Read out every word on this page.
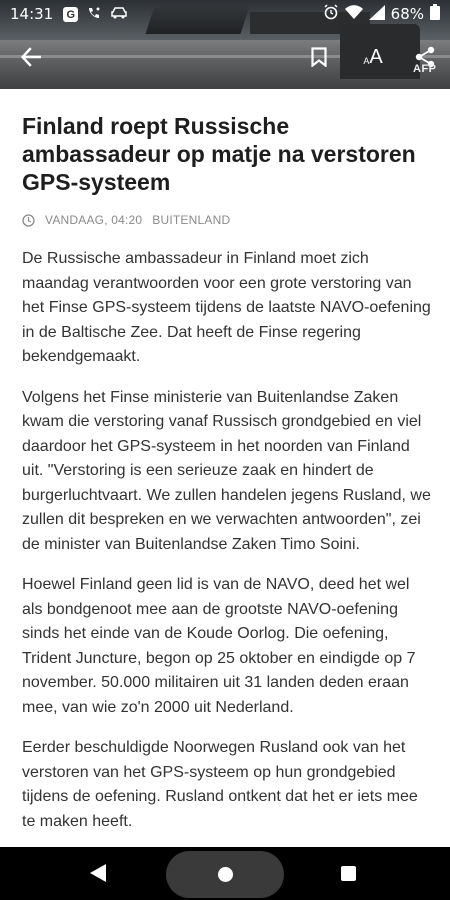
14:31 G	68%
A A
AFP
Finland roept Russische ambassadeur op matje na verstoren GPS-systeem
VANDAAG, 04:20 BUITENLAND

De Russische ambassadeur in Finland moet zich maandag verantwoorden voor een grote verstoring van het Finse GPS-systeem tijdens de laatste NAVO-oefening in de Baltische Zee. Dat heeft de Finse regering bekendgemaakt.

Volgens het Finse ministerie van Buitenlandse Zaken kwam die verstoring vanaf Russisch grondgebied en viel daardoor het GPS-systeem in het noorden van Finland uit. "Verstoring is een serieuze zaak en hindert de burgerluchtvaart. We zullen handelen jegens Rusland, we zullen dit bespreken en we verwachten antwoorden", zei de minister van Buitenlandse Zaken Timo Soini.

Hoewel Finland geen lid is van de NAVO, deed het wel als bondgenoot mee aan de grootste NAVO-oefening sinds het einde van de Koude Oorlog. Die oefening, Trident Juncture, begon op 25 oktober en eindigde op 7 november. 50.000 militairen uit 31 landen deden eraan mee, van wie zo'n 2000 uit Nederland.

Eerder beschuldigde Noorwegen Rusland ook van het verstoren van het GPS-systeem op hun grondgebied tijdens de oefening. Rusland ontkent dat het er iets mee te maken heeft.
